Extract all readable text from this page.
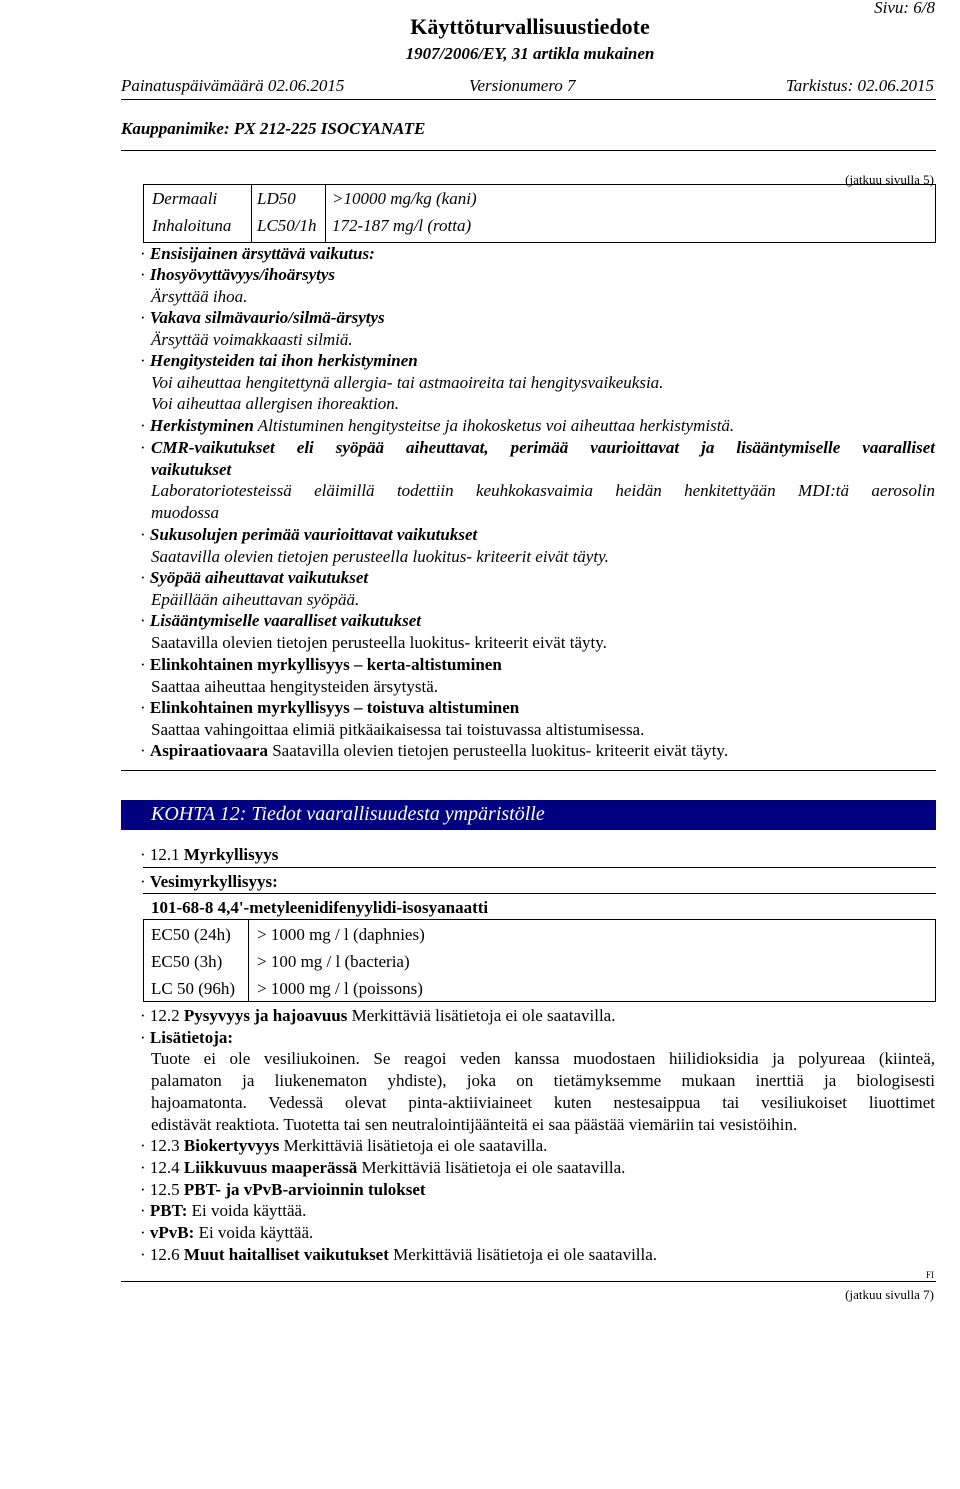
Sivu: 6/8
Käyttöturvallisuustiedote
1907/2006/EY, 31 artikla mukainen
Painatuspäivämäärä 02.06.2015	Versionumero 7	Tarkistus: 02.06.2015
Kauppanimike: PX 212-225 ISOCYANATE
(jatkuu sivulla 5)
Dermaali LD50 >10000 mg/kg (kani)
Inhaloituna LC50/1h 172-187 mg/l (rotta)
· Ensisijainen ärsyttävä vaikutus:
· Ihosyövyttävyys/ihoärsytys
Ärsyttää ihoa.
· Vakava silmävaurio/silmä-ärsytys
Ärsyttää voimakkaasti silmiä.
· Hengitysteiden tai ihon herkistyminen
Voi aiheuttaa hengitettynä allergia- tai astmaoireita tai hengitysvaikeuksia.
Voi aiheuttaa allergisen ihoreaktion.
· Herkistyminen Altistuminen hengitysteitse ja ihokosketus voi aiheuttaa herkistymistä.
· CMR-vaikutukset eli syöpää aiheuttavat, perimää vaurioittavat ja lisääntymiselle vaaralliset
vaikutukset
Laboratoriotesteissä eläimillä todettiin keuhkokasvaimia heidän henkitettyään MDI:tä aerosolin
muodossa
· Sukusolujen perimää vaurioittavat vaikutukset
Saatavilla olevien tietojen perusteella luokitus- kriteerit eivät täyty.
· Syöpää aiheuttavat vaikutukset
Epäillään aiheuttavan syöpää.
· Lisääntymiselle vaaralliset vaikutukset
Saatavilla olevien tietojen perusteella luokitus- kriteerit eivät täyty.
· Elinkohtainen myrkyllisyys – kerta-altistuminen
Saattaa aiheuttaa hengitysteiden ärsytystä.
· Elinkohtainen myrkyllisyys – toistuva altistuminen
Saattaa vahingoittaa elimiä pitkäaikaisessa tai toistuvassa altistumisessa.
· Aspiraatiovaara Saatavilla olevien tietojen perusteella luokitus- kriteerit eivät täyty.
KOHTA 12: Tiedot vaarallisuudesta ympäristölle
· 12.1 Myrkyllisyys
· Vesimyrkyllisyys:
101-68-8 4,4'-metyleenidifenyylidi-isosyanaatti
EC50 (24h) > 1000 mg / l (daphnies)
EC50 (3h) > 100 mg / l (bacteria)
LC 50 (96h) > 1000 mg / l (poissons)
· 12.2 Pysyvyys ja hajoavuus Merkittäviä lisätietoja ei ole saatavilla.
· Lisätietoja:
Tuote ei ole vesiliukoinen. Se reagoi veden kanssa muodostaen hiilidioksidia ja polyureaa (kiinteä,
palamaton ja liukenematon yhdiste), joka on tietämyksemme mukaan inerttiä ja biologisesti
hajoamatonta. Vedessä olevat pinta-aktiiviaineet kuten nestesaippua tai vesiliukoiset liuottimet
edistävät reaktiota. Tuotetta tai sen neutralointijäänteitä ei saa päästää viemäriin tai vesistöihin.
· 12.3 Biokertyvyys Merkittäviä lisätietoja ei ole saatavilla.
· 12.4 Liikkuvuus maaperässä Merkittäviä lisätietoja ei ole saatavilla.
· 12.5 PBT- ja vPvB-arvioinnin tulokset
· PBT: Ei voida käyttää.
· vPvB: Ei voida käyttää.
· 12.6 Muut haitalliset vaikutukset Merkittäviä lisätietoja ei ole saatavilla.
FI
(jatkuu sivulla 7)
